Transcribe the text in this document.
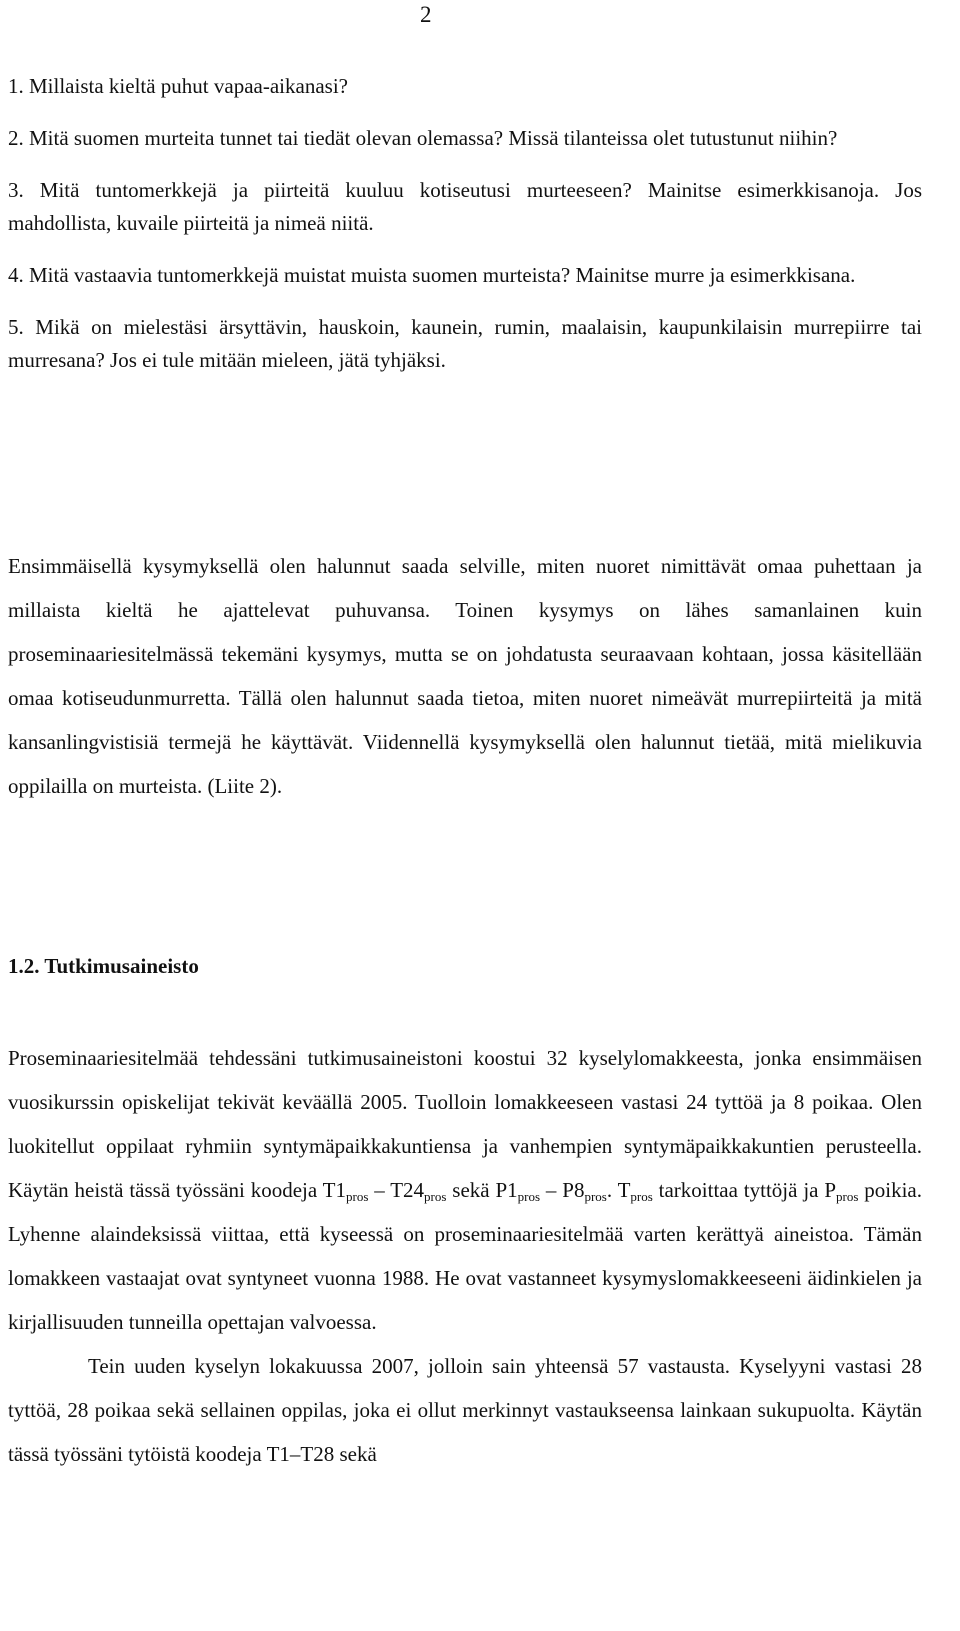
2

1. Millaista kieltä puhut vapaa-aikanasi?

2. Mitä suomen murteita tunnet tai tiedät olevan olemassa? Missä tilanteissa olet tutustunut niihin?

3. Mitä tuntomerkkejä ja piirteitä kuuluu kotiseutusi murteeseen? Mainitse esimerkkisanoja. Jos mahdollista, kuvaile piirteitä ja nimeä niitä.

4. Mitä vastaavia tuntomerkkejä muistat muista suomen murteista? Mainitse murre ja esimerkkisana.

5. Mikä on mielestäsi ärsyttävin, hauskoin, kaunein, rumin, maalaisin, kaupunkilaisin murrepiirre tai murresana? Jos ei tule mitään mieleen, jätä tyhjäksi.

Ensimmäisellä kysymyksellä olen halunnut saada selville, miten nuoret nimittävät omaa puhettaan ja millaista kieltä he ajattelevat puhuvansa. Toinen kysymys on lähes samanlainen kuin proseminaariesitelmässä tekemäni kysymys, mutta se on johdatusta seuraavaan kohtaan, jossa käsitellään omaa kotiseudunmurretta. Tällä olen halunnut saada tietoa, miten nuoret nimeävät murrepiirteitä ja mitä kansanlingvistisiä termejä he käyttävät. Viidennellä kysymyksellä olen halunnut tietää, mitä mielikuvia oppilailla on murteista. (Liite 2).

1.2. Tutkimusaineisto

Proseminaariesitelmää tehdessäni tutkimusaineistoni koostui 32 kyselylomakkeesta, jonka ensimmäisen vuosikurssin opiskelijat tekivät keväällä 2005. Tuolloin lomakkeeseen vastasi 24 tyttöä ja 8 poikaa. Olen luokitellut oppilaat ryhmiin syntymäpaikkakuntiensa ja vanhempien syntymäpaikkakuntien perusteella. Käytän heistä tässä työssäni koodeja $T1_{pros} - T24_{pros}$ sekä $P1_{pros} - P8_{pros}$. $T_{pros}$ tarkoittaa tyttöjä ja $P_{pros}$ poikia. Lyhenne alaindeksissä viittaa, että kyseessä on proseminaariesitelmää varten kerättyä aineistoa. Tämän lomakkeen vastaajat ovat syntyneet vuonna 1988. He ovat vastanneet kysymyslomakkeeseeni äidinkielen ja kirjallisuuden tunneilla opettajan valvoessa.

Tein uuden kyselyn lokakuussa 2007, jolloin sain yhteensä 57 vastausta. Kyselyyni vastasi 28 tyttöä, 28 poikaa sekä sellainen oppilas, joka ei ollut merkinnyt vastaukseensa lainkaan sukupuolta. Käytän tässä työssäni tytöistä koodeja T1–T28 sekä
